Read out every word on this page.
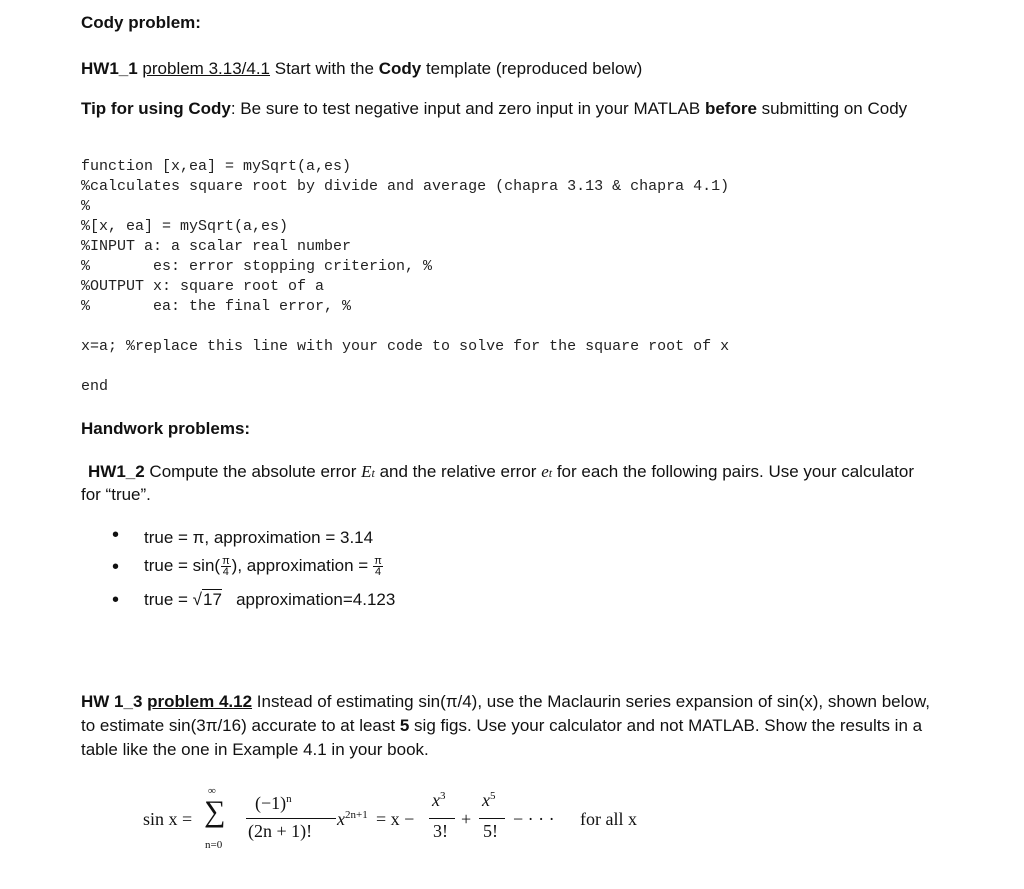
Cody problem:
HW1_1 problem 3.13/4.1 Start with the Cody template (reproduced below)
Tip for using Cody: Be sure to test negative input and zero input in your MATLAB before submitting on Cody

function [x,ea] = mySqrt(a,es)
%calculates square root by divide and average (chapra 3.13 & chapra 4.1)
%
%[x, ea] = mySqrt(a,es)
%INPUT a: a scalar real number
%       es: error stopping criterion, %
%OUTPUT x: square root of a
%       ea: the final error, %
x=a; %replace this line with your code to solve for the square root of x
end

Handwork problems:
HW1_2 Compute the absolute error Et and the relative error et for each the following pairs. Use your calculator
for “true”.
• true = π, approximation = 3.14
• true = $\sin( \frac{\pi}{4}$ ), approximation = $\frac{\pi}{4}$
• true = √17 approximation=4.123
HW 1_3 problem 4.12 Instead of estimating sin(π/4), use the Maclaurin series expansion of sin(x), shown below,
to estimate sin(3π/16) accurate to at least 5 sig figs. Use your calculator and not MATLAB. Show the results in a
table like the one in Example 4.1 in your book.
sin x =
∞
∑
n=0
$(-1)^n$
(2n + 1)!
$x^{2n+1} = x$ −
$x^3$
3!
+
$x^5$
5!
− · · · for all x
